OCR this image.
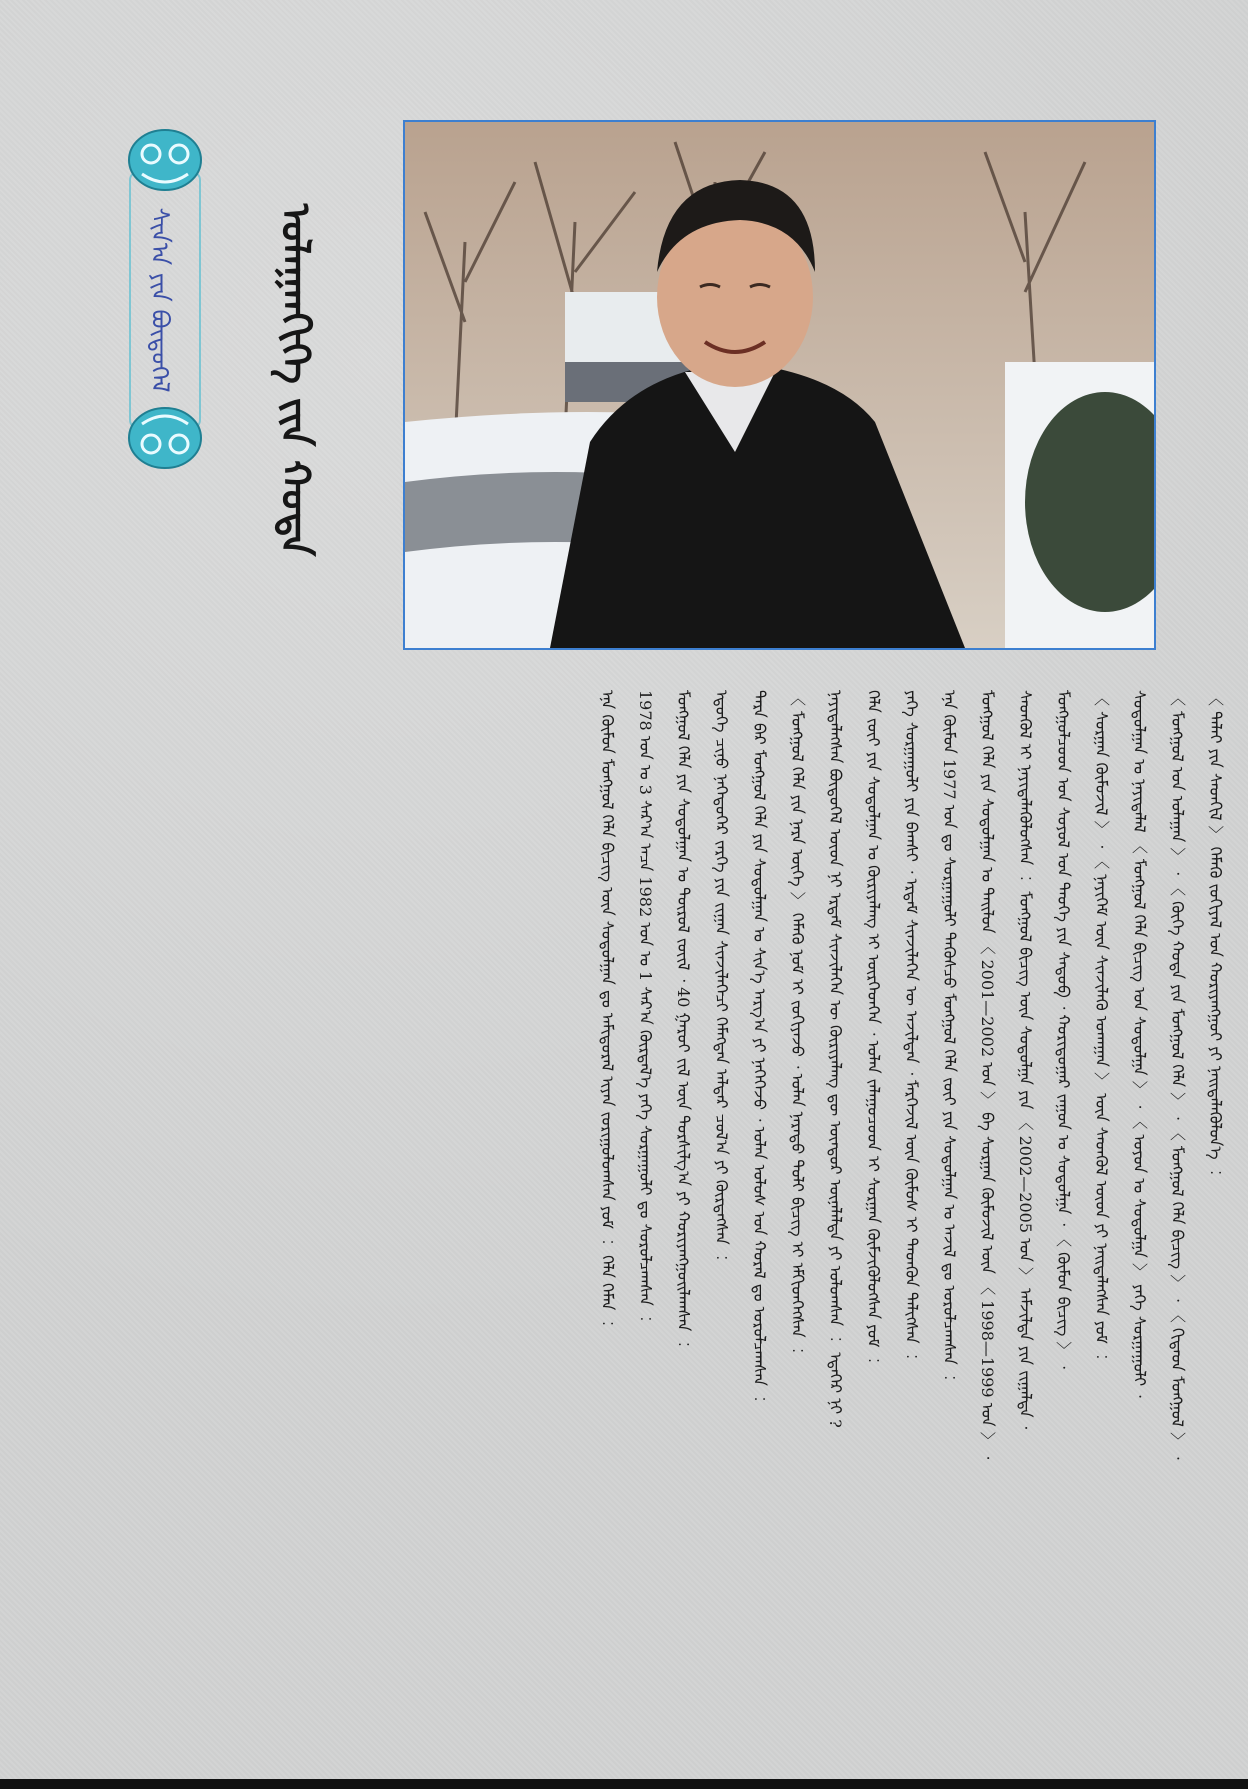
ᠰᠢᠨ᠎ᠠ ᠶᠢᠨ ᠪᠦᠲᠦᠭᠡᠯ	ᠤᠯᠠᠭᠠᠨᠬᠢᠬᠡ ᠵᠢᠨ ᠬᠣᠳᠠ
〈 ᠳᠠᠯᠠᠢ ᠶᠢᠨ ᠰᠡᠳᠬᠢᠯ 〉 ᠬᠡᠮᠡᠬᠦ ᠵᠤᠬᠢᠶᠠᠯ ᠤᠨ ᠬᠤᠷᠢᠶᠠᠩᠭᠤᠢ ᠶᠢ ᠨᠡᠢᠲᠡᠯᠡᠭᠦᠯᠦᠨ᠎ᠡ ︰
〈 ᠮᠣᠩᠭᠣᠯ ᠤᠨ ᠤᠯᠠᠭᠠᠨ 〉 ᠂ 〈 ᠬᠥᠬᠡ ᠬᠣᠲᠠ ᠶᠢᠨ ᠮᠣᠩᠭᠣᠯ ᠬᠡᠯᠡ 〉 ᠂ 〈 ᠮᠣᠩᠭᠣᠯ ᠬᠡᠯᠡ ᠪᠢᠴᠢᠭ 〉 ᠂ 〈 ᠬᠢᠲᠠᠳ ᠮᠣᠩᠭᠣᠯ 〉 ᠂
ᠰᠤᠳᠤᠯᠭᠠᠨ ᠤ ᠨᠡᠶᠢᠲᠡᠯᠡᠯ 〈 ᠮᠣᠩᠭᠣᠯ ᠬᠡᠯᠡ ᠪᠢᠴᠢᠭ ᠤᠨ ᠰᠤᠳᠤᠯᠭᠠ 〉 ᠂ 〈 ᠣᠶᠤᠨ ᠤ ᠰᠤᠳᠤᠯᠭᠠ 〉 ᠶᠡᠬᠡ ᠰᠤᠷᠭᠠᠭᠤᠯᠢ ᠂
〈 ᠰᠤᠷᠭᠠᠨ ᠬᠦᠮᠦᠵᠢᠯ 〉 ᠂ 〈 ᠨᠡᠶᠢᠭᠡᠮ ᠦᠨ ᠰᠢᠨᠵᠢᠯᠡᠬᠦ ᠤᠬᠠᠭᠠᠨ 〉 ᠦᠨ ᠰᠡᠳᠬᠦᠯ ᠦᠳ ᠶᠢ ᠨᠡᠢᠲᠡᠯᠡᠭᠰᠡᠨ ᠶᠤᠮ ︰
ᠮᠣᠩᠭᠣᠯᠴᠤᠳ ᠤᠨ ᠰᠣᠶᠤᠯ ᠤᠨ ᠲᠡᠦᠬᠡ ᠶᠢᠨ ᠰᠡᠳᠦᠪ ᠂ ᠬᠣᠷᠢᠳᠤᠭᠠᠷ ᠵᠠᠭᠤᠨ ᠤ ᠰᠤᠳᠤᠯᠭᠠ ᠂ 〈 ᠬᠦᠮᠦᠨ ᠪᠢᠴᠢᠭ 〉 ᠂
ᠰᠡᠳᠬᠦᠯ ᠢ ᠨᠡᠶᠢᠲᠡᠯᠡᠭᠦᠯᠦᠭᠰᠡᠨ ︰ ᠮᠣᠩᠭᠣᠯ ᠪᠢᠴᠢᠭ ᠦᠨ ᠰᠤᠳᠤᠯᠭᠠ ᠶᠢᠨ 〈 2002—2005 ᠣᠨ 〉 ᠠᠮᠵᠢᠯᠲᠠ ᠶᠢᠨ ᠵᠢᠭᠠᠯᠲᠠ ᠂
ᠮᠣᠩᠭᠣᠯ ᠬᠡᠯᠡ ᠶᠢᠨ ᠰᠤᠳᠤᠯᠭᠠᠨ ᠤ ᠲᠠᠢᠯᠤᠨ 〈 2001—2002 ᠣᠨ 〉 ᠪᠠ ᠰᠤᠷᠭᠠᠨ ᠬᠦᠮᠦᠵᠢᠯ ᠦᠨ 〈 1998—1999 ᠣᠨ 〉 ᠂
ᠡᠨᠡ ᠬᠦᠮᠦᠨ 1977 ᠣᠨ ᠳᠤ ᠰᠤᠷᠭᠠᠭᠤᠯᠢ ᠲᠡᠭᠦᠰᠴᠦ ᠮᠣᠩᠭᠣᠯ ᠬᠡᠯᠡ ᠵᠦᠢ ᠶᠢᠨ ᠰᠤᠳᠤᠯᠭᠠᠨ ᠤ ᠠᠵᠢᠯ ᠳᠤ ᠣᠷᠣᠯᠴᠠᠭᠰᠠᠨ ︰
ᠶᠡᠬᠡ ᠰᠤᠷᠭᠠᠭᠤᠯᠢ ᠶᠢᠨ ᠪᠠᠭᠰᠢ ᠂ ᠡᠷᠳᠡᠮ ᠰᠢᠨᠵᠢᠯᠡᠭᠡᠨ ᠦ ᠠᠵᠢᠯᠲᠠᠨ ᠂ ᠮᠡᠷᠭᠡᠵᠢᠯ ᠦᠨ ᠬᠦᠮᠦᠰ ᠢ ᠲᠡᠳᠬᠦᠨ ᠲᠡᠯᠢᠭᠰᠡᠨ ︰
ᠬᠡᠯᠡ ᠵᠦᠢ ᠶᠢᠨ ᠰᠤᠳᠤᠯᠭᠠᠨ ᠤ ᠬᠦᠷᠢᠶᠡᠯᠡᠩ ᠢ ᠥᠷᠭᠡᠳᠬᠡᠨ ᠂ ᠣᠯᠠᠨ ᠵᠠᠯᠠᠭᠤᠴᠤᠳ ᠢ ᠰᠤᠷᠭᠠᠨ ᠬᠥᠮᠵᠢᠭᠦᠯᠦᠭᠰᠡᠨ ᠶᠤᠮ ︰
ᠨᠡᠶᠢᠲᠡᠯᠡᠭᠰᠡᠨ ᠪᠦᠲᠦᠭᠡᠯ ᠦᠳ ᠨᠢ ᠡᠷᠳᠡᠮ ᠰᠢᠨᠵᠢᠯᠡᠭᠡᠨ ᠦ ᠬᠦᠷᠢᠶᠡᠯᠡᠩ ᠳᠦ ᠥᠨᠳᠥᠷ ᠦᠨᠡᠯᠡᠯᠲᠡ ᠶᠢ ᠣᠯᠤᠭᠰᠠᠨ ︰ ᠡᠳᠡᠭᠡᠷ ᠨᠢ ?
〈 ᠮᠣᠩᠭᠣᠯ ᠬᠡᠯᠡ ᠶᠢᠨ ᠨᠡᠷᠡ ᠦᠭᠡ 〉 ᠬᠡᠮᠡᠬᠦ ᠨᠣᠮ ᠢ ᠵᠣᠬᠢᠶᠠᠵᠤ ᠂ ᠣᠯᠠᠨ ᠨᠡᠷᠡᠲᠦ ᠲᠣᠯᠢ ᠪᠢᠴᠢᠭ ᠢ ᠡᠮᠬᠢᠳᠬᠡᠭᠰᠡᠨ ︰
ᠲᠡᠷᠡ ᠪᠡᠷ ᠮᠣᠩᠭᠣᠯ ᠬᠡᠯᠡ ᠶᠢᠨ ᠰᠤᠳᠤᠯᠭᠠᠨ ᠤ ᠰᠢᠨ᠎ᠡ ᠠᠷᠭ᠎ᠠ ᠶᠢ ᠨᠡᠭᠡᠭᠡᠵᠦ ᠂ ᠣᠯᠠᠨ ᠤᠯᠤᠰ ᠤᠨ ᠬᠤᠷᠠᠯ ᠳᠤ ᠣᠷᠣᠯᠴᠠᠭᠰᠠᠨ ︰
ᠡᠳᠦᠭᠡ ᠴᠢᠨᠦ ᠨᠡᠭᠡᠳᠦᠭᠡᠷ ᠵᠡᠷᠭᠡ ᠶᠢᠨ ᠵᠢᠭᠠᠨ ᠰᠢᠨᠵᠢᠯᠡᠭᠡᠴᠢ ᠬᠡᠮᠡᠭᠳᠡᠨ ᠠᠯᠳᠠᠷ ᠴᠣᠯ᠎ᠠ ᠶᠢ ᠬᠦᠷᠳᠡᠭᠰᠡᠨ ︰
ᠮᠣᠩᠭᠣᠯ ᠬᠡᠯᠡ ᠶᠢᠨ ᠰᠤᠳᠤᠯᠭᠠᠨ ᠤ ᠲᠦᠷᠦᠯ ᠵᠦᠢᠯ ᠂ 40 ᠭᠠᠷᠤᠢ ᠵᠢᠯ ᠦᠨ ᠲᠤᠷᠰᠢᠯᠭ᠎ᠠ ᠶᠢ ᠬᠤᠷᠢᠶᠠᠩᠭᠤᠢᠯᠠᠭᠰᠠᠨ ︰
1978 ᠣᠨ ᠤ 3 ᠰᠠᠷ᠎ᠠ ᠠᠴᠠ 1982 ᠣᠨ ᠤ 1 ᠰᠠᠷ᠎ᠠ ᠬᠦᠷᠲᠡᠯ᠎ᠡ ᠶᠡᠬᠡ ᠰᠤᠷᠭᠠᠭᠤᠯᠢ ᠳᠤ ᠰᠤᠷᠤᠯᠴᠠᠭᠰᠠᠨ ︰
ᠡᠨᠡ ᠬᠦᠮᠦᠨ ᠮᠣᠩᠭᠣᠯ ᠬᠡᠯᠡ ᠪᠢᠴᠢᠭ ᠦᠨ ᠰᠤᠳᠤᠯᠭᠠᠨ ᠳᠤ ᠠᠮᠢᠳᠤᠷᠠᠯ ᠢᠶᠠᠨ ᠵᠣᠷᠢᠭᠤᠯᠤᠭᠰᠠᠨ ᠶᠤᠮ ︰ ᠬᠡᠯᠡ ᠬᠡᠮᠡᠨ ︰
